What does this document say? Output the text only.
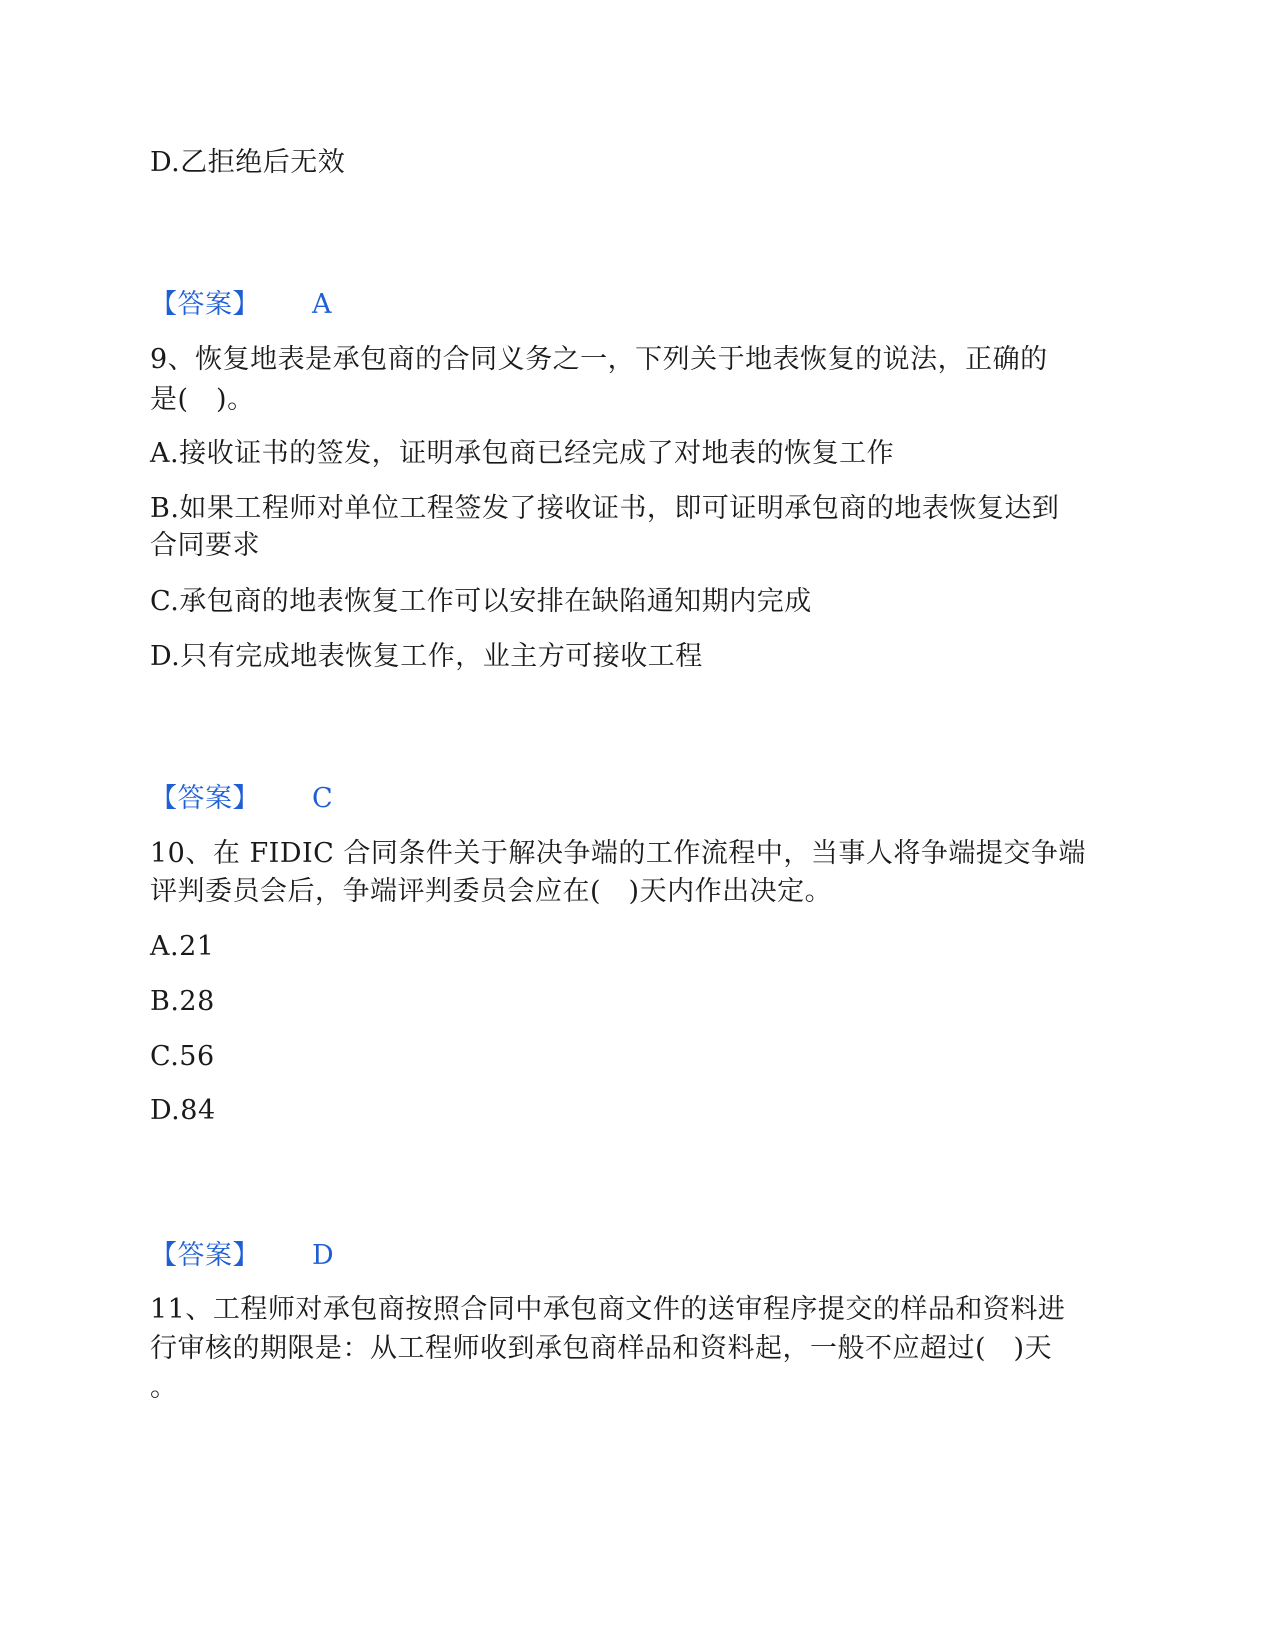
D.乙拒绝后无效

【答案】 A

9、恢复地表是承包商的合同义务之一，下列关于地表恢复的说法，正确的

是(　)。

A.接收证书的签发，证明承包商已经完成了对地表的恢复工作

B.如果工程师对单位工程签发了接收证书，即可证明承包商的地表恢复达到

合同要求

C.承包商的地表恢复工作可以安排在缺陷通知期内完成

D.只有完成地表恢复工作，业主方可接收工程

【答案】 C

10、在 FIDIC 合同条件关于解决争端的工作流程中，当事人将争端提交争端

评判委员会后，争端评判委员会应在(　)天内作出决定。

A.21

B.28

C.56

D.84

【答案】 D

11、工程师对承包商按照合同中承包商文件的送审程序提交的样品和资料进

行审核的期限是：从工程师收到承包商样品和资料起，一般不应超过(　)天

。
